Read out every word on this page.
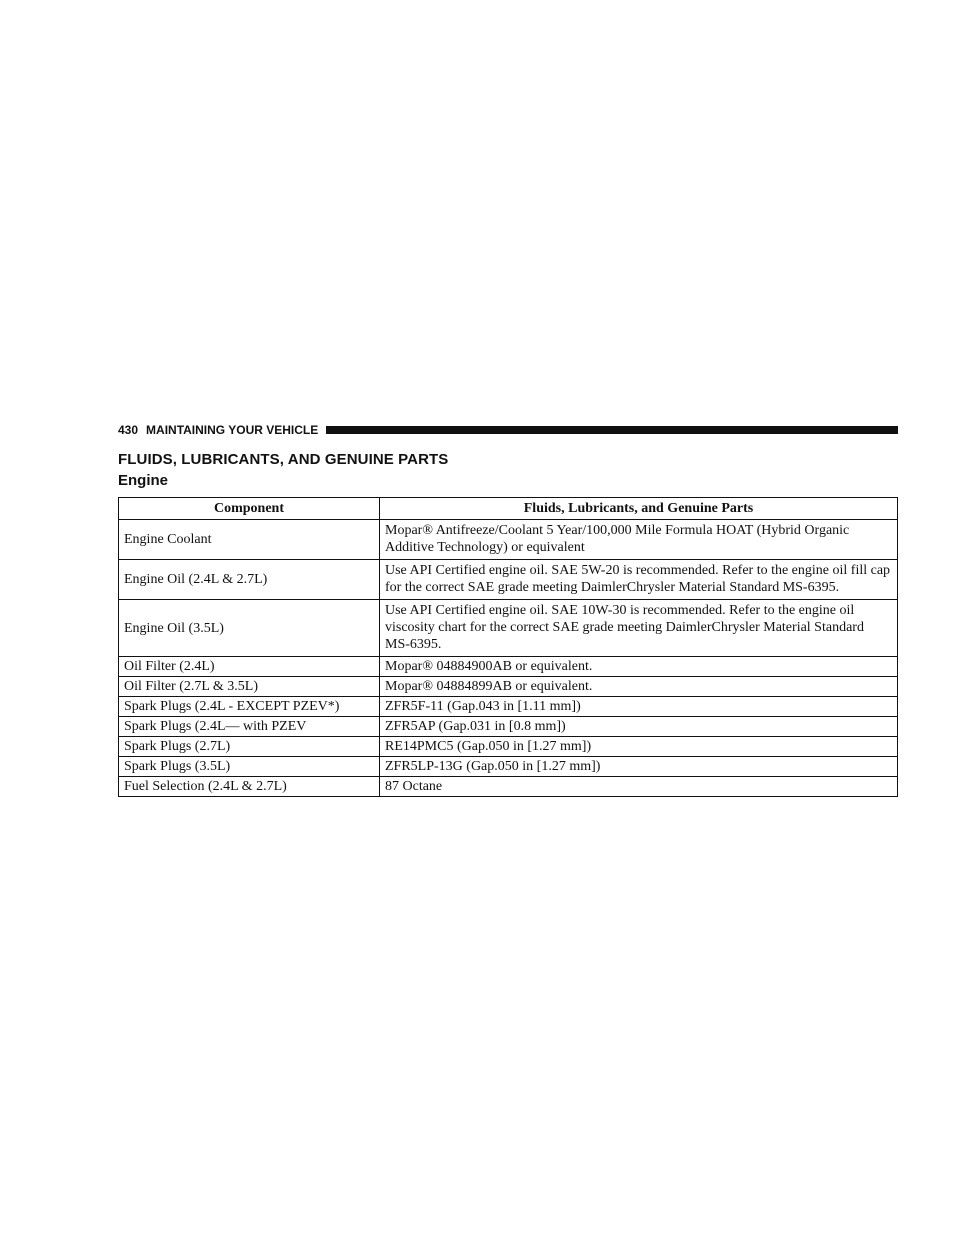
430 MAINTAINING YOUR VEHICLE
FLUIDS, LUBRICANTS, AND GENUINE PARTS
Engine
Component	Fluids, Lubricants, and Genuine Parts
Engine Coolant	Mopar® Antifreeze/Coolant 5 Year/100,000 Mile Formula HOAT (Hybrid Organic Additive Technology) or equivalent
Engine Oil (2.4L & 2.7L)	Use API Certified engine oil. SAE 5W-20 is recommended. Refer to the engine oil fill cap for the correct SAE grade meeting DaimlerChrysler Material Standard MS-6395.
Engine Oil (3.5L)	Use API Certified engine oil. SAE 10W-30 is recommended. Refer to the engine oil viscosity chart for the correct SAE grade meeting DaimlerChrysler Material Standard MS-6395.
Oil Filter (2.4L)	Mopar® 04884900AB or equivalent.
Oil Filter (2.7L & 3.5L)	Mopar® 04884899AB or equivalent.
Spark Plugs (2.4L - EXCEPT PZEV*)	ZFR5F-11 (Gap.043 in [1.11 mm])
Spark Plugs (2.4L— with PZEV	ZFR5AP (Gap.031 in [0.8 mm])
Spark Plugs (2.7L)	RE14PMC5 (Gap.050 in [1.27 mm])
Spark Plugs (3.5L)	ZFR5LP-13G (Gap.050 in [1.27 mm])
Fuel Selection (2.4L & 2.7L)	87 Octane
